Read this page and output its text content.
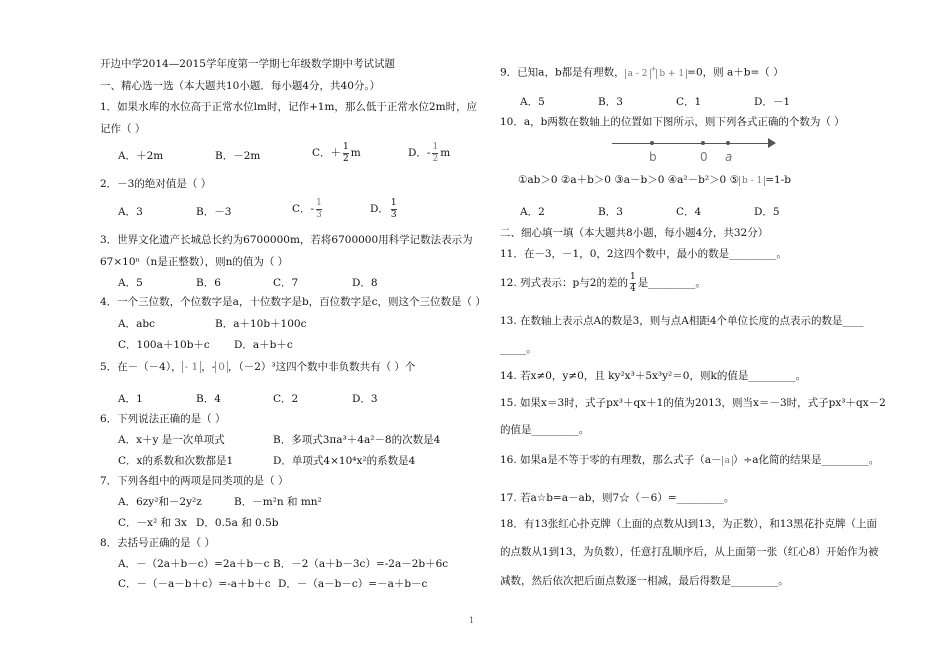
开边中学2014—2015学年度第一学期七年级数学期中考试试题
一、精心选一选（本大题共10小题．每小题4分，共40分。）
1．如果水库的水位高于正常水位lm时，记作+1m，那么低于正常水位2m时，应
记作（ ）
A．＋2m	B．－2m	C．＋ $\frac{1}{2}$ m	D．- $\frac{1}{2}$ m
2．－3的绝对值是（ ）
A．3	B．－3	C．- $\frac{1}{3}$	D． $\frac{1}{3}$
3．世界文化遗产长城总长约为6700000m，若将6700000用科学记数法表示为
67×10ⁿ（n是正整数），则n的值为（ ）
A．5	B．6	C．7	D．8
4．一个三位数，个位数字是a，十位数字是b，百位数字是c，则这个三位数是（ ）
A．abc	B．a＋10b＋100c
C．100a＋10b＋c D．a＋b＋c
5．在－（－4）， - 1 ，- 0 ，（－2）³这四个数中非负数共有（ ）个
A．1	B．4	C．2	D．3
6．下列说法正确的是（ ）
A．x＋y 是一次单项式	B．多项式3πa³＋4a²－8的次数是4
C．x的系数和次数都是1	D．单项式4×10⁴x²的系数是4
7．下列各组中的两项是同类项的是（ ）
A．6zy²和－2y²z	B．－m²n 和 mn²
C．－x² 和 3x D．0.5a 和 0.5b
8．去括号正确的是（ ）
A．－（2a＋b－c）=2a＋b－c B．－2（a＋b－3c）=-2a－2b＋6c
C．－（－a－b＋c）=-a＋b＋c D．－（a－b－c）=－a＋b－c
9．已知a，b都是有理数， a - 2 + b + 1 =0，则 a＋b=（ ）
A．5	B．3	C．1	D．－1
10．a，b两数在数轴上的位置如下图所示，则下列各式正确的个数为（ ）
b	0 a
①ab＞0 ②a＋b＞0 ③a－b＞0 ④a²－b²＞0 ⑤ b - 1 =1-b
A．2	B．3	C．4	D．5
二、细心填一填（本大题共8小题，每小题4分，共32分）
11．在－3，－1，0，2这四个数中，最小的数是_________。
12. 列式表示：p与2的差的 $\frac{1}{4}$ 是_________。
13. 在数轴上表示点A的数是3，则与点A相距4个单位长度的点表示的数是____
_____。
14. 若x≠0，y≠0，且 ky²x³＋5x³y²＝0，则k的值是_________。
15. 如果x＝3时，式子px³＋qx＋1的值为2013，则当x＝－3时，式子px³＋qx－2
的值是_________。
16. 如果a是不等于零的有理数，那么式子（a－ a ）÷a化简的结果是_________。
17. 若a☆b=a－ab，则7☆（－6）=_________。
18．有13张红心扑克牌（上面的点数从l到13，为正数），和13黑花扑克牌（上面
的点数从1到13，为负数），任意打乱顺序后，从上面第一张（红心8）开始作为被
减数，然后依次把后面点数逐一相减，最后得数是_________。
1
